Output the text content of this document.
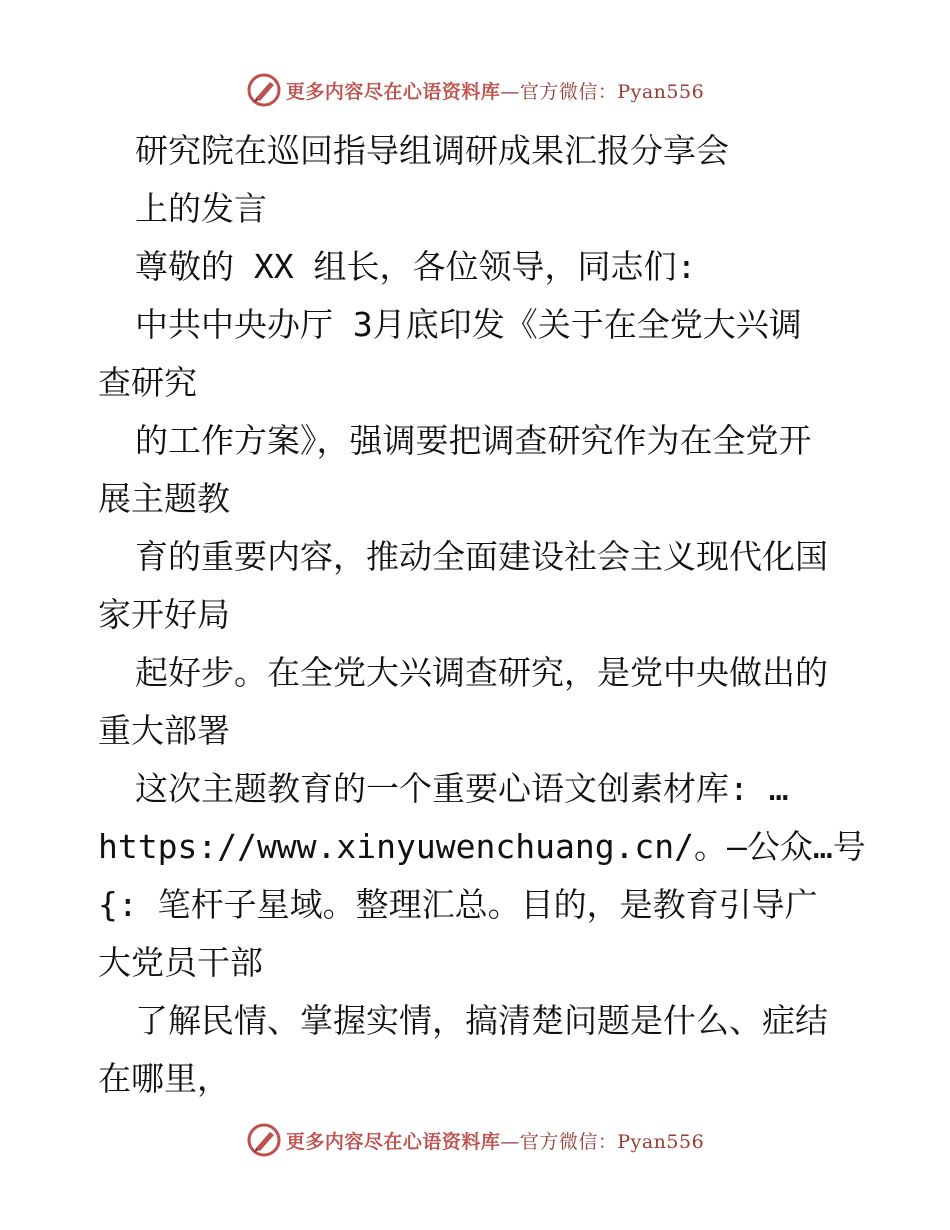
更多内容尽在心语资料库—官方微信：Pyan556
研究院在巡回指导组调研成果汇报分享会
上的发言
尊敬的 XX 组长，各位领导，同志们:
中共中央办厅 3月底印发《关于在全党大兴调
查研究
的工作方案》，强调要把调查研究作为在全党开
展主题教
育的重要内容，推动全面建设社会主义现代化国
家开好局
起好步。在全党大兴调查研究，是党中央做出的
重大部署
这次主题教育的一个重要心语文创素材库: …
https://www.xinyuwenchuang.cn/。—公众…号
{: 笔杆子星域。整理汇总。目的，是教育引导广
大党员干部
了解民情、掌握实情，搞清楚问题是什么、症结
在哪里，
更多内容尽在心语资料库—官方微信：Pyan556
